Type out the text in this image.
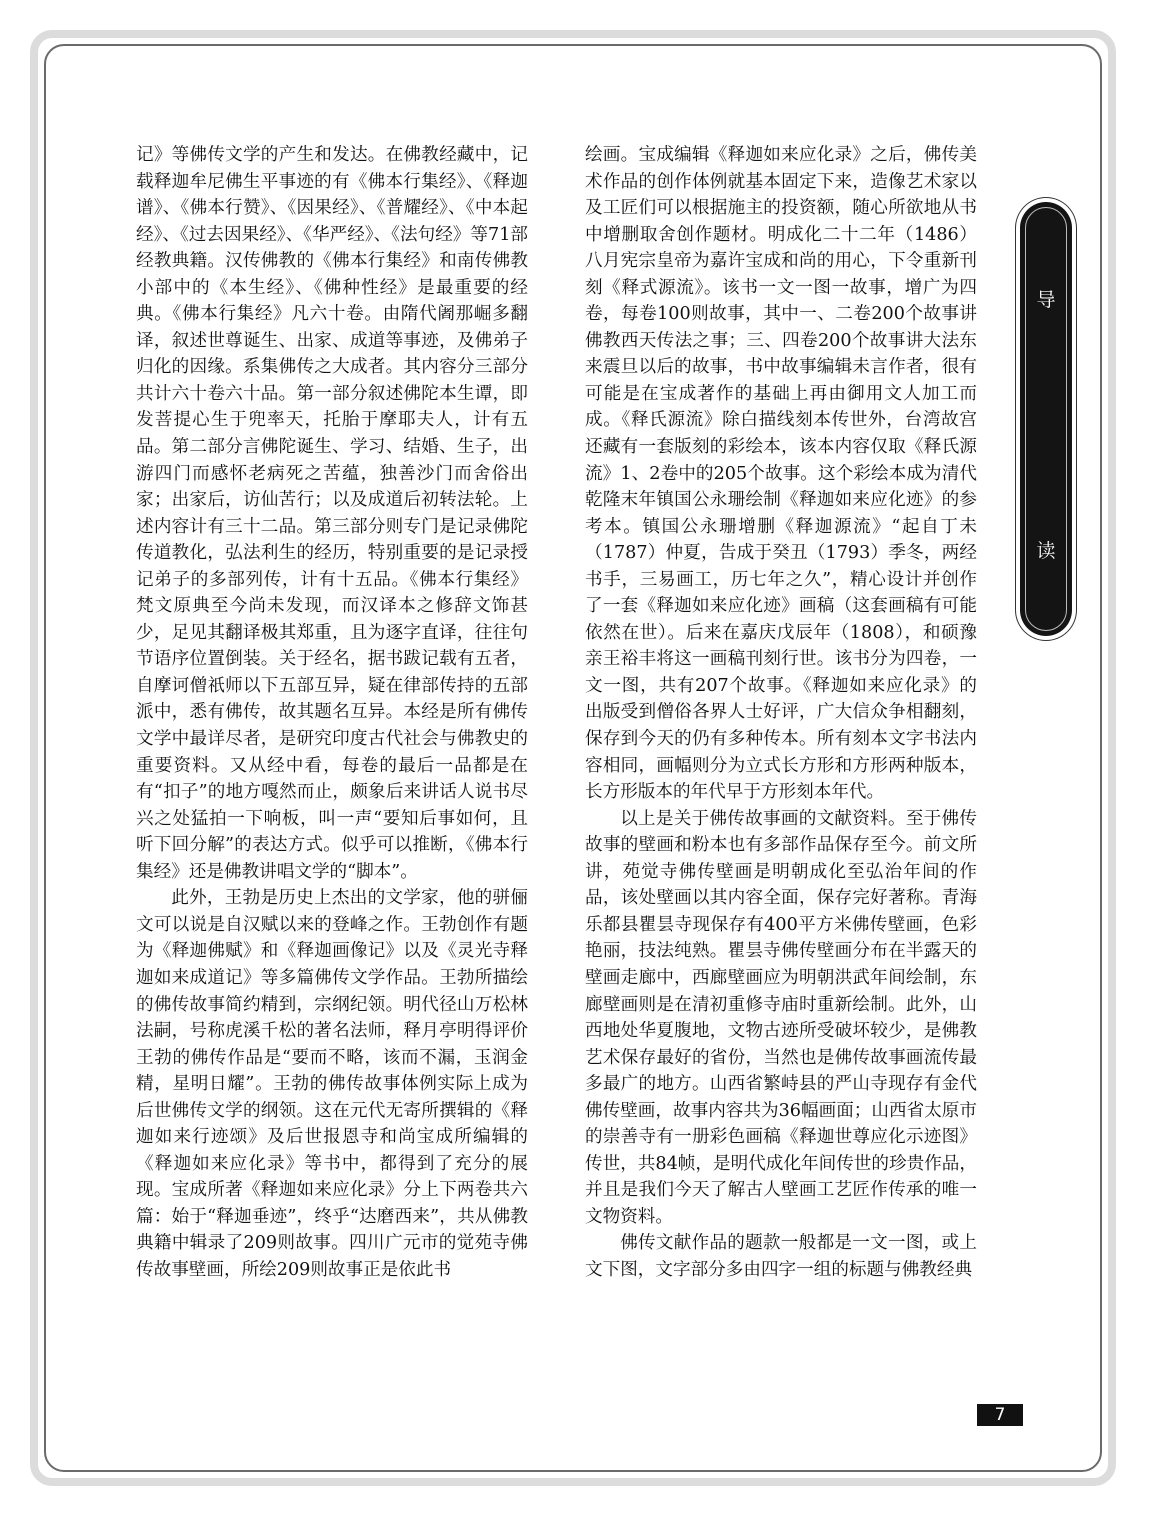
记》等佛传文学的产生和发达。在佛教经藏中，记载释迦牟尼佛生平事迹的有《佛本行集经》、《释迦谱》、《佛本行赞》、《因果经》、《普耀经》、《中本起经》、《过去因果经》、《华严经》、《法句经》等71部经教典籍。汉传佛教的《佛本行集经》和南传佛教小部中的《本生经》、《佛种性经》是最重要的经典。《佛本行集经》凡六十卷。由隋代阇那崛多翻译，叙述世尊诞生、出家、成道等事迹，及佛弟子归化的因缘。系集佛传之大成者。其内容分三部分共计六十卷六十品。第一部分叙述佛陀本生谭，即发菩提心生于兜率天，托胎于摩耶夫人，计有五品。第二部分言佛陀诞生、学习、结婚、生子，出游四门而感怀老病死之苦蕴，独善沙门而舍俗出家；出家后，访仙苦行；以及成道后初转法轮。上述内容计有三十二品。第三部分则专门是记录佛陀传道教化，弘法利生的经历，特别重要的是记录授记弟子的多部列传，计有十五品。《佛本行集经》梵文原典至今尚未发现，而汉译本之修辞文饰甚少，足见其翻译极其郑重，且为逐字直译，往往句节语序位置倒装。关于经名，据书跋记载有五者，自摩诃僧祇师以下五部互异，疑在律部传持的五部派中，悉有佛传，故其题名互异。本经是所有佛传文学中最详尽者，是研究印度古代社会与佛教史的重要资料。又从经中看，每卷的最后一品都是在有“扣子”的地方嘎然而止，颇象后来讲话人说书尽兴之处猛拍一下响板，叫一声“要知后事如何，且听下回分解”的表达方式。似乎可以推断，《佛本行集经》还是佛教讲唱文学的“脚本”。

此外，王勃是历史上杰出的文学家，他的骈俪文可以说是自汉赋以来的登峰之作。王勃创作有题为《释迦佛赋》和《释迦画像记》以及《灵光寺释迦如来成道记》等多篇佛传文学作品。王勃所描绘的佛传故事简约精到，宗纲纪领。明代径山万松林法嗣，号称虎溪千松的著名法师，释月亭明得评价王勃的佛传作品是“要而不略，该而不漏，玉润金精，星明日耀”。王勃的佛传故事体例实际上成为后世佛传文学的纲领。这在元代无寄所撰辑的《释迦如来行迹颂》及后世报恩寺和尚宝成所编辑的《释迦如来应化录》等书中，都得到了充分的展现。宝成所著《释迦如来应化录》分上下两卷共六篇：始于“释迦垂迹”，终乎“达磨西来”，共从佛教典籍中辑录了209则故事。四川广元市的觉苑寺佛传故事壁画，所绘209则故事正是依此书

绘画。宝成编辑《释迦如来应化录》之后，佛传美术作品的创作体例就基本固定下来，造像艺术家以及工匠们可以根据施主的投资额，随心所欲地从书中增删取舍创作题材。明成化二十二年（1486）八月宪宗皇帝为嘉许宝成和尚的用心，下令重新刊刻《释式源流》。该书一文一图一故事，增广为四卷，每卷100则故事，其中一、二卷200个故事讲佛教西天传法之事；三、四卷200个故事讲大法东来震旦以后的故事，书中故事编辑未言作者，很有可能是在宝成著作的基础上再由御用文人加工而成。《释氏源流》除白描线刻本传世外，台湾故宫还藏有一套版刻的彩绘本，该本内容仅取《释氏源流》1、2卷中的205个故事。这个彩绘本成为清代乾隆末年镇国公永珊绘制《释迦如来应化迹》的参考本。镇国公永珊增删《释迦源流》“起自丁未（1787）仲夏，告成于癸丑（1793）季冬，两经书手，三易画工，历七年之久”，精心设计并创作了一套《释迦如来应化迹》画稿（这套画稿有可能依然在世）。后来在嘉庆戊辰年（1808），和硕豫亲王裕丰将这一画稿刊刻行世。该书分为四卷，一文一图，共有207个故事。《释迦如来应化录》的出版受到僧俗各界人士好评，广大信众争相翻刻，保存到今天的仍有多种传本。所有刻本文字书法内容相同，画幅则分为立式长方形和方形两种版本，长方形版本的年代早于方形刻本年代。

以上是关于佛传故事画的文献资料。至于佛传故事的壁画和粉本也有多部作品保存至今。前文所讲，苑觉寺佛传壁画是明朝成化至弘治年间的作品，该处壁画以其内容全面，保存完好著称。青海乐都县瞿昙寺现保存有400平方米佛传壁画，色彩艳丽，技法纯熟。瞿昙寺佛传壁画分布在半露天的壁画走廊中，西廊壁画应为明朝洪武年间绘制，东廊壁画则是在清初重修寺庙时重新绘制。此外，山西地处华夏腹地，文物古迹所受破坏较少，是佛教艺术保存最好的省份，当然也是佛传故事画流传最多最广的地方。山西省繁峙县的严山寺现存有金代佛传壁画，故事内容共为36幅画面；山西省太原市的崇善寺有一册彩色画稿《释迦世尊应化示迹图》传世，共84帧，是明代成化年间传世的珍贵作品，并且是我们今天了解古人壁画工艺匠作传承的唯一文物资料。

佛传文献作品的题款一般都是一文一图，或上文下图，文字部分多由四字一组的标题与佛教经典

导
读
7
